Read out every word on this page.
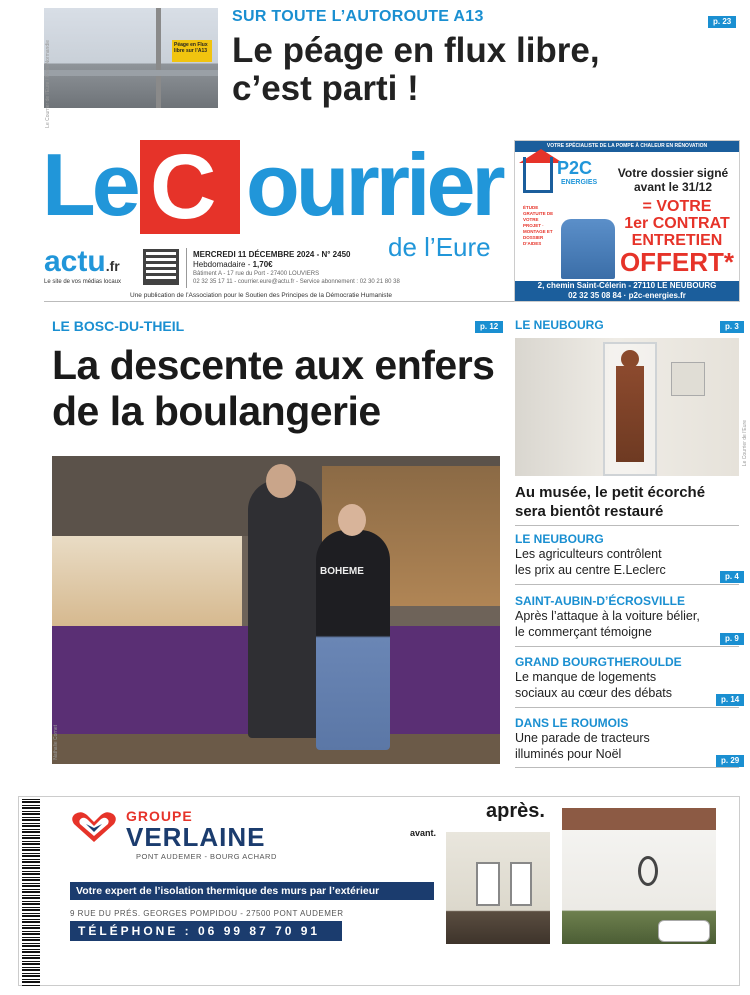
Péage en Flux libre sur l’A13
Le Courrier de l’Eure / Paris-Normandie
SUR TOUTE L’AUTOROUTE A13	p. 23
Le péage en flux libre,
c’est parti !
Le C ourrier
de l’Eure
actu.fr
Le site de vos médias locaux
MERCREDI 11 DÉCEMBRE 2024 - N° 2450
Hebdomadaire - 1,70€
Bâtiment A - 17 rue du Port - 27400 LOUVIERS
02 32 35 17 11 - courrier.eure@actu.fr - Service abonnement : 02 30 21 80 38
Une publication de l’Association pour le Soutien des Principes de la Démocratie Humaniste
VOTRE SPÉCIALISTE DE LA POMPE À CHALEUR EN RÉNOVATION
P2C
ENERGIES
Votre dossier signé
avant le 31/12
= VOTRE
1er CONTRAT
ENTRETIEN
OFFERT*
ÉTUDE GRATUITE DE VOTRE PROJET · MONTAGE ET DOSSIER D’AIDES
2, chemin Saint-Célerin - 27110 LE NEUBOURG
02 32 35 08 84 · p2c-energies.fr
LE BOSC-DU-THEIL	p. 12
La descente aux enfers
de la boulangerie
BOHEME
Nathalie Cornet
LE NEUBOURG	p. 3
Le Courrier de l’Eure
Au musée, le petit écorché
sera bientôt restauré
LE NEUBOURG
Les agriculteurs contrôlent
les prix au centre E.Leclerc	p. 4
SAINT-AUBIN-D’ÉCROSVILLE
Après l’attaque à la voiture bélier,
le commerçant témoigne	p. 9
GRAND BOURGTHEROULDE
Le manque de logements
sociaux au cœur des débats	p. 14
DANS LE ROUMOIS
Une parade de tracteurs
illuminés pour Noël	p. 29
GROUPE
VERLAINE
PONT AUDEMER - BOURG ACHARD
Votre expert de l’isolation thermique des murs par l’extérieur
9 RUE DU PRÉS. GEORGES POMPIDOU - 27500 PONT AUDEMER
TÉLÉPHONE : 06 99 87 70 91
avant.
après.
